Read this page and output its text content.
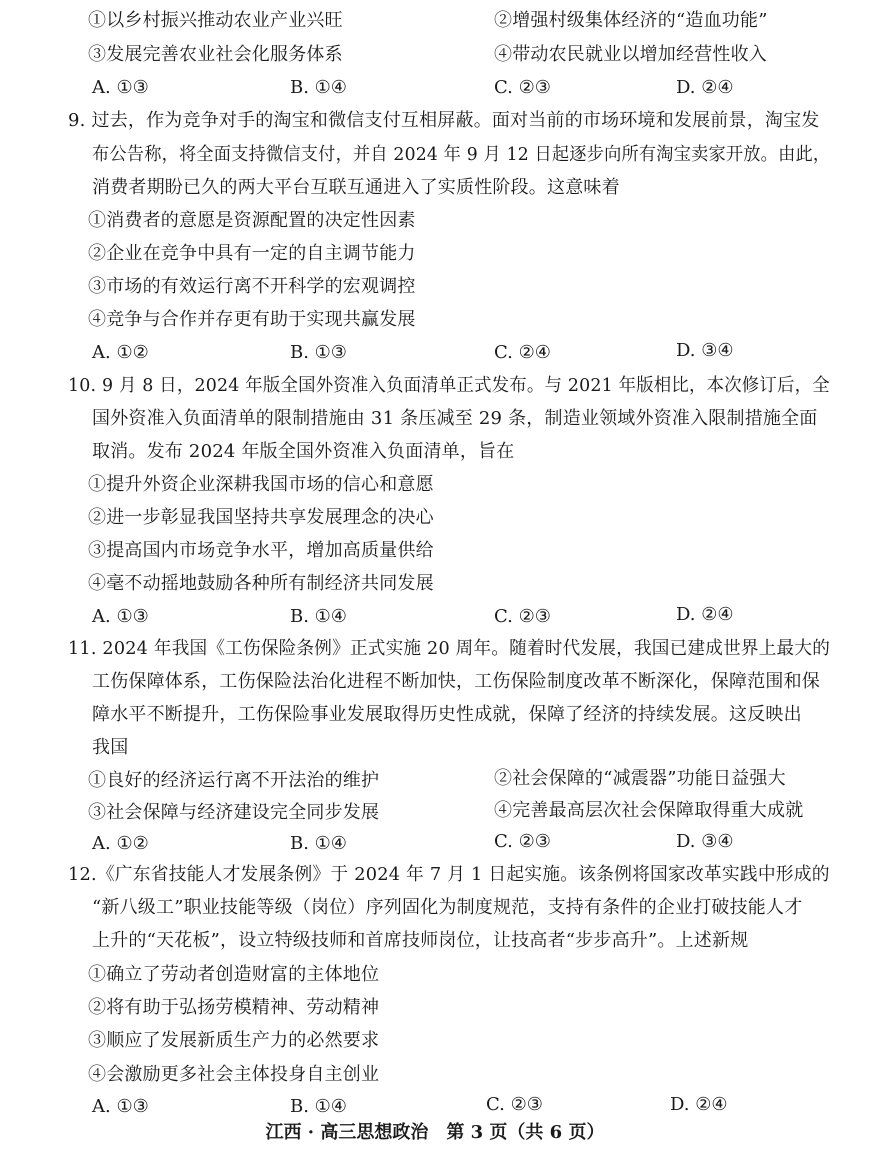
①以乡村振兴推动农业产业兴旺	②增强村级集体经济的“造血功能”
③发展完善农业社会化服务体系	④带动农民就业以增加经营性收入
A. ①③	B. ①④	C. ②③	D. ②④
9. 过去，作为竞争对手的淘宝和微信支付互相屏蔽。面对当前的市场环境和发展前景，淘宝发
布公告称，将全面支持微信支付，并自 2024 年 9 月 12 日起逐步向所有淘宝卖家开放。由此，
消费者期盼已久的两大平台互联互通进入了实质性阶段。这意味着
①消费者的意愿是资源配置的决定性因素
②企业在竞争中具有一定的自主调节能力
③市场的有效运行离不开科学的宏观调控
④竞争与合作并存更有助于实现共赢发展
A. ①②	B. ①③	C. ②④	D. ③④
10. 9 月 8 日，2024 年版全国外资准入负面清单正式发布。与 2021 年版相比，本次修订后，全
国外资准入负面清单的限制措施由 31 条压减至 29 条，制造业领域外资准入限制措施全面
取消。发布 2024 年版全国外资准入负面清单，旨在
①提升外资企业深耕我国市场的信心和意愿
②进一步彰显我国坚持共享发展理念的决心
③提高国内市场竞争水平，增加高质量供给
④毫不动摇地鼓励各种所有制经济共同发展
A. ①③	B. ①④	C. ②③	D. ②④
11. 2024 年我国《工伤保险条例》正式实施 20 周年。随着时代发展，我国已建成世界上最大的
工伤保障体系，工伤保险法治化进程不断加快，工伤保险制度改革不断深化，保障范围和保
障水平不断提升，工伤保险事业发展取得历史性成就，保障了经济的持续发展。这反映出
我国
①良好的经济运行离不开法治的维护	②社会保障的“减震器”功能日益强大
③社会保障与经济建设完全同步发展	④完善最高层次社会保障取得重大成就
A. ①②	B. ①④	C. ②③	D. ③④
12.《广东省技能人才发展条例》于 2024 年 7 月 1 日起实施。该条例将国家改革实践中形成的
“新八级工”职业技能等级（岗位）序列固化为制度规范，支持有条件的企业打破技能人才
上升的“天花板”，设立特级技师和首席技师岗位，让技高者“步步高升”。上述新规
①确立了劳动者创造财富的主体地位
②将有助于弘扬劳模精神、劳动精神
③顺应了发展新质生产力的必然要求
④会激励更多社会主体投身自主创业
A. ①③	B. ①④	C. ②③	D. ②④
江西 · 高三思想政治　第 3 页（共 6 页）
